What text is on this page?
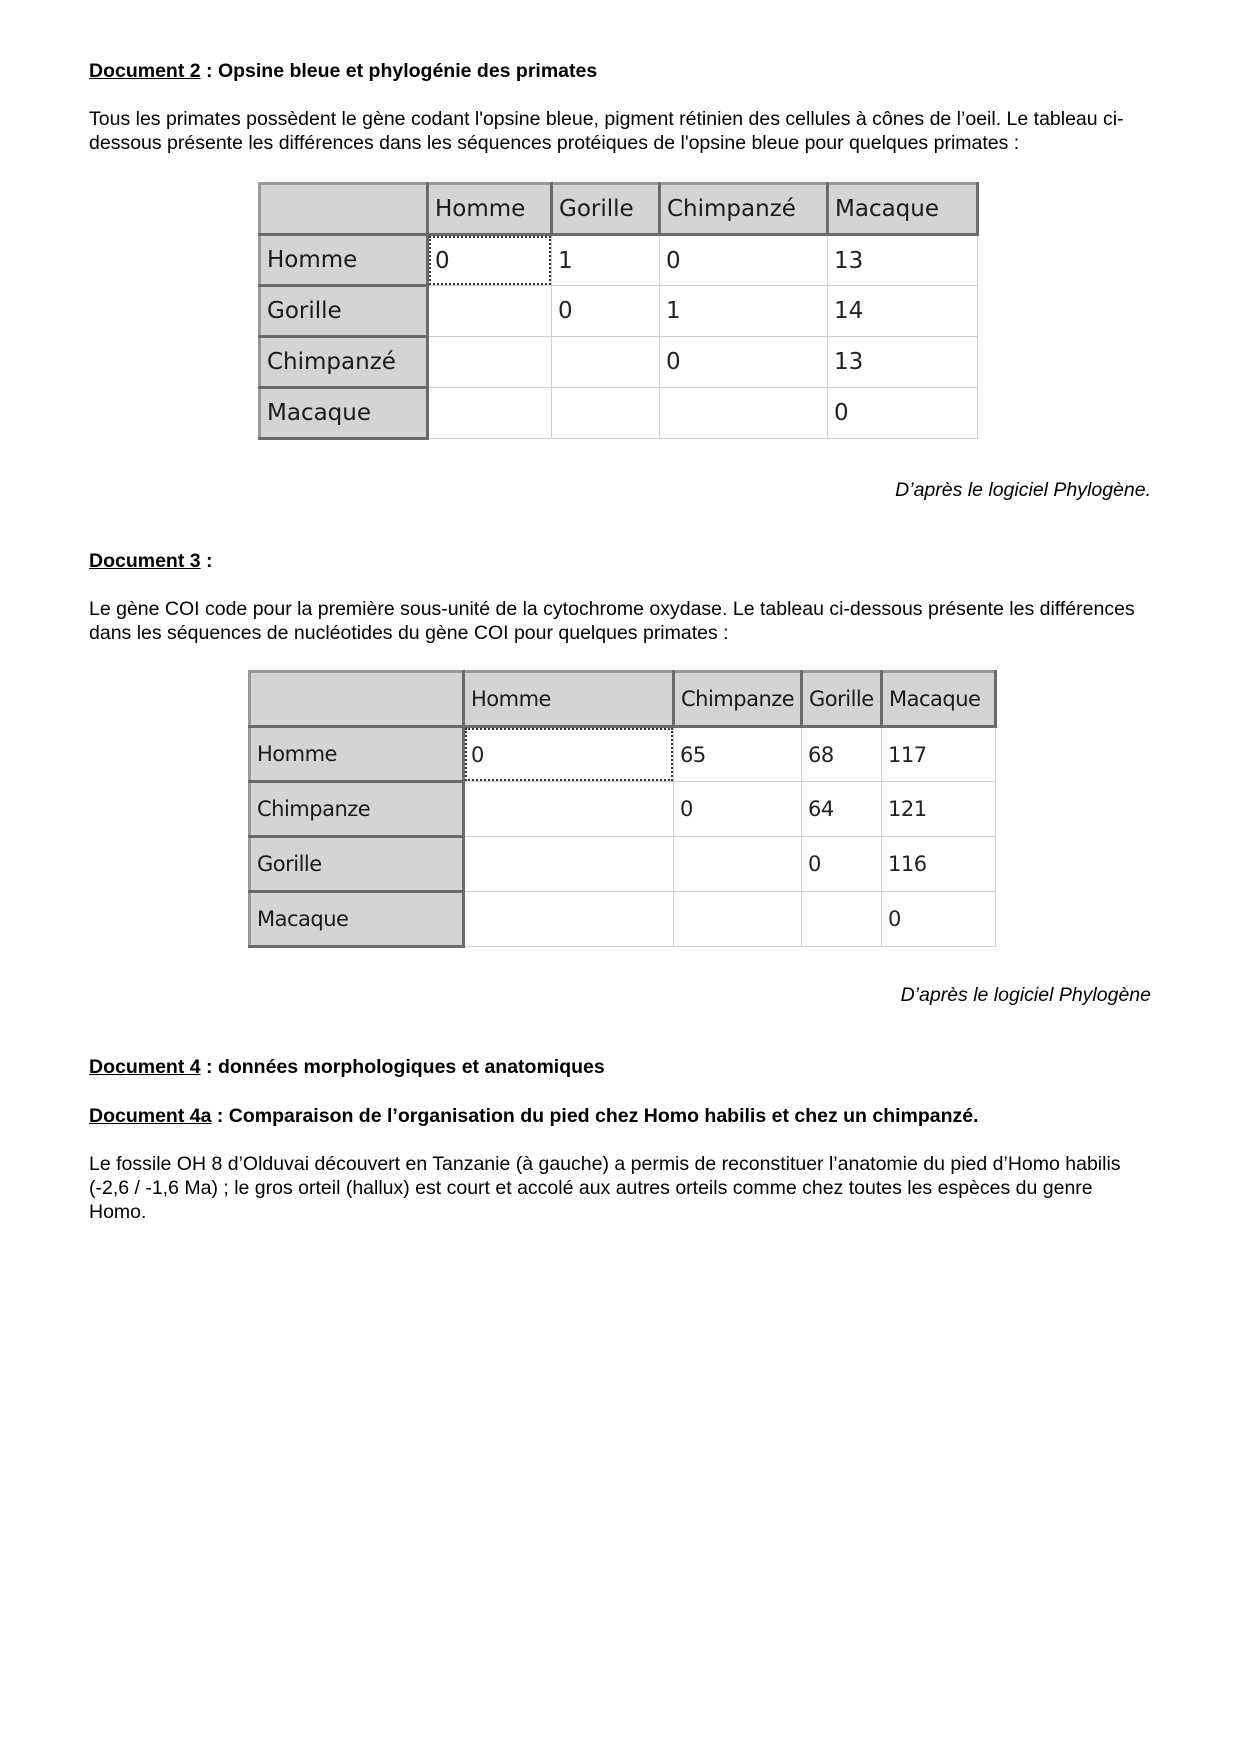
Document 2 : Opsine bleue et phylogénie des primates
Tous les primates possèdent le gène codant l'opsine bleue, pigment rétinien des cellules à cônes de l’oeil. Le tableau ci-dessous présente les différences dans les séquences protéiques de l'opsine bleue pour quelques primates :
	Homme	Gorille	Chimpanzé	Macaque
Homme	0	1	0	13
Gorille		0	1	14
Chimpanzé			0	13
Macaque				0
D’après le logiciel Phylogène.
Document 3 :
Le gène COI code pour la première sous-unité de la cytochrome oxydase. Le tableau ci-dessous présente les différences dans les séquences de nucléotides du gène COI pour quelques primates :
	Homme	Chimpanze	Gorille	Macaque
Homme	0	65	68	117
Chimpanze		0	64	121
Gorille			0	116
Macaque				0
D’après le logiciel Phylogène
Document 4 : données morphologiques et anatomiques
Document 4a : Comparaison de l’organisation du pied chez Homo habilis et chez un chimpanzé.
Le fossile OH 8 d’Olduvai découvert en Tanzanie (à gauche) a permis de reconstituer l’anatomie du pied d’Homo habilis (-2,6 / -1,6 Ma) ; le gros orteil (hallux) est court et accolé aux autres orteils comme chez toutes les espèces du genre Homo.
